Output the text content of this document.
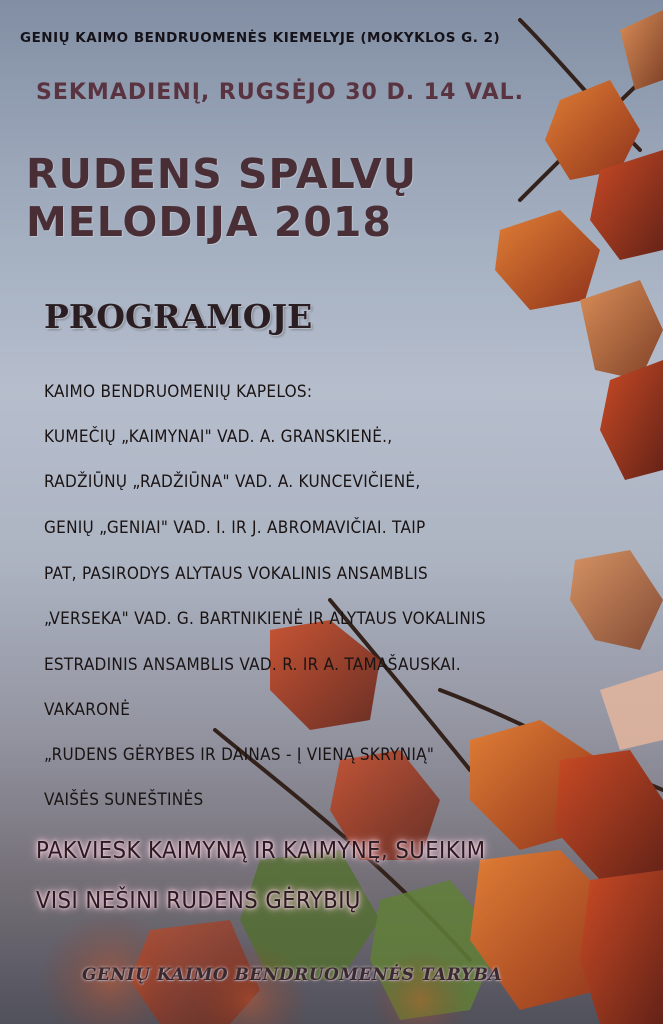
GENIŲ KAIMO BENDRUOMENĖS KIEMELYJE (MOKYKLOS G. 2)

SEKMADIENĮ, RUGSĖJO 30 D. 14 VAL.

RUDENS SPALVŲ

MELODIJA 2018

PROGRAMOJE

KAIMO BENDRUOMENIŲ KAPELOS:

KUMEČIŲ „KAIMYNAI" VAD. A. GRANSKIENĖ.,

RADŽIŪNŲ „RADŽIŪNA" VAD. A. KUNCEVIČIENĖ,

GENIŲ „GENIAI" VAD. I. IR J. ABROMAVIČIAI. TAIP

PAT, PASIRODYS ALYTAUS VOKALINIS ANSAMBLIS

„VERSEKA" VAD. G. BARTNIKIENĖ IR ALYTAUS VOKALINIS

ESTRADINIS ANSAMBLIS VAD. R. IR A. TAMAŠAUSKAI.

VAKARONĖ

„RUDENS GĖRYBES IR DAINAS - Į VIENĄ SKRYNIĄ"

VAIŠĖS SUNEŠTINĖS

PAKVIESK KAIMYNĄ IR KAIMYNĘ, SUEIKIM

VISI NEŠINI RUDENS GĖRYBIŲ

GENIŲ KAIMO BENDRUOMENĖS TARYBA
